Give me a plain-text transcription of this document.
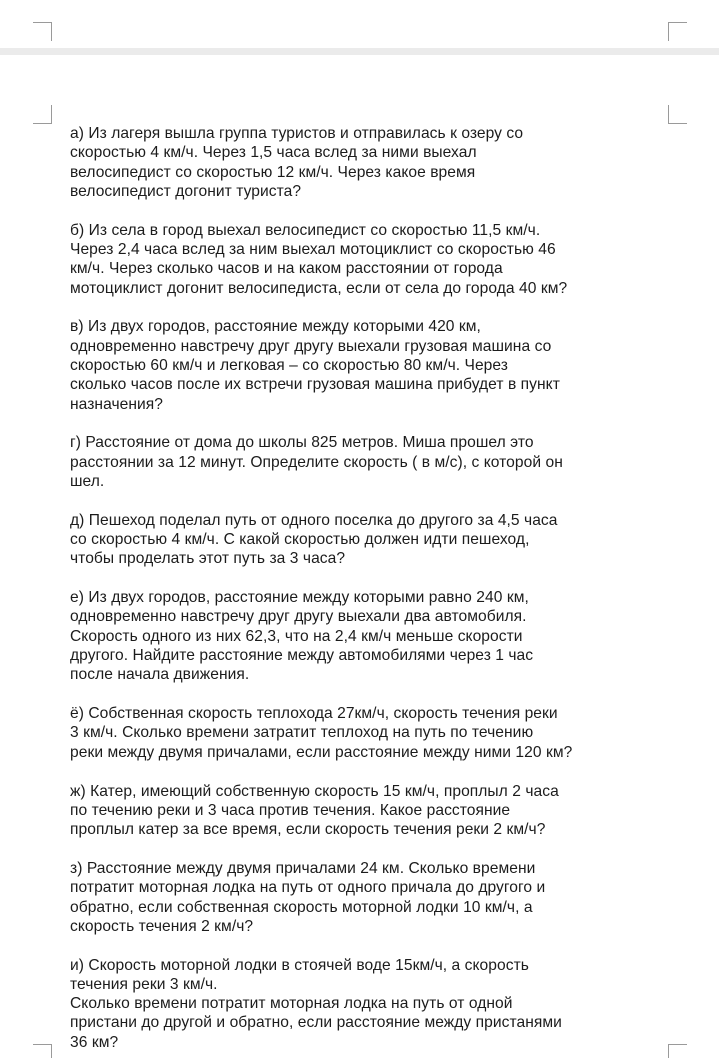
а) Из лагеря вышла группа туристов и отправилась к озеру со
скоростью 4 км/ч. Через 1,5 часа вслед за ними выехал
велосипедист со скоростью 12 км/ч. Через какое время
велосипедист догонит туриста?

б) Из села в город выехал велосипедист со скоростью 11,5 км/ч.
Через 2,4 часа вслед за ним выехал мотоциклист со скоростью 46
км/ч. Через сколько часов и на каком расстоянии от города
мотоциклист догонит велосипедиста, если от села до города 40 км?

в) Из двух городов, расстояние между которыми 420 км,
одновременно навстречу друг другу выехали грузовая машина со
скоростью 60 км/ч и легковая – со скоростью 80 км/ч. Через
сколько часов после их встречи грузовая машина прибудет в пункт
назначения?

г) Расстояние от дома до школы 825 метров. Миша прошел это
расстоянии за 12 минут. Определите скорость ( в м/с), с которой он
шел.

д) Пешеход поделал путь от одного поселка до другого за 4,5 часа
со скоростью 4 км/ч. С какой скоростью должен идти пешеход,
чтобы проделать этот путь за 3 часа?

е) Из двух городов, расстояние между которыми равно 240 км,
одновременно навстречу друг другу выехали два автомобиля.
Скорость одного из них 62,3, что на 2,4 км/ч меньше скорости
другого. Найдите расстояние между автомобилями через 1 час
после начала движения.

ё) Собственная скорость теплохода 27км/ч, скорость течения реки
3 км/ч. Сколько времени затратит теплоход на путь по течению
реки между двумя причалами, если расстояние между ними 120 км?

ж) Катер, имеющий собственную скорость 15 км/ч, проплыл 2 часа
по течению реки и 3 часа против течения. Какое расстояние
проплыл катер за все время, если скорость течения реки 2 км/ч?

з) Расстояние между двумя причалами 24 км. Сколько времени
потратит моторная лодка на путь от одного причала до другого и
обратно, если собственная скорость моторной лодки 10 км/ч, а
скорость течения 2 км/ч?

и) Скорость моторной лодки в стоячей воде 15км/ч, а скорость
течения реки 3 км/ч.
Сколько времени потратит моторная лодка на путь от одной
пристани до другой и обратно, если расстояние между пристанями
36 км?
